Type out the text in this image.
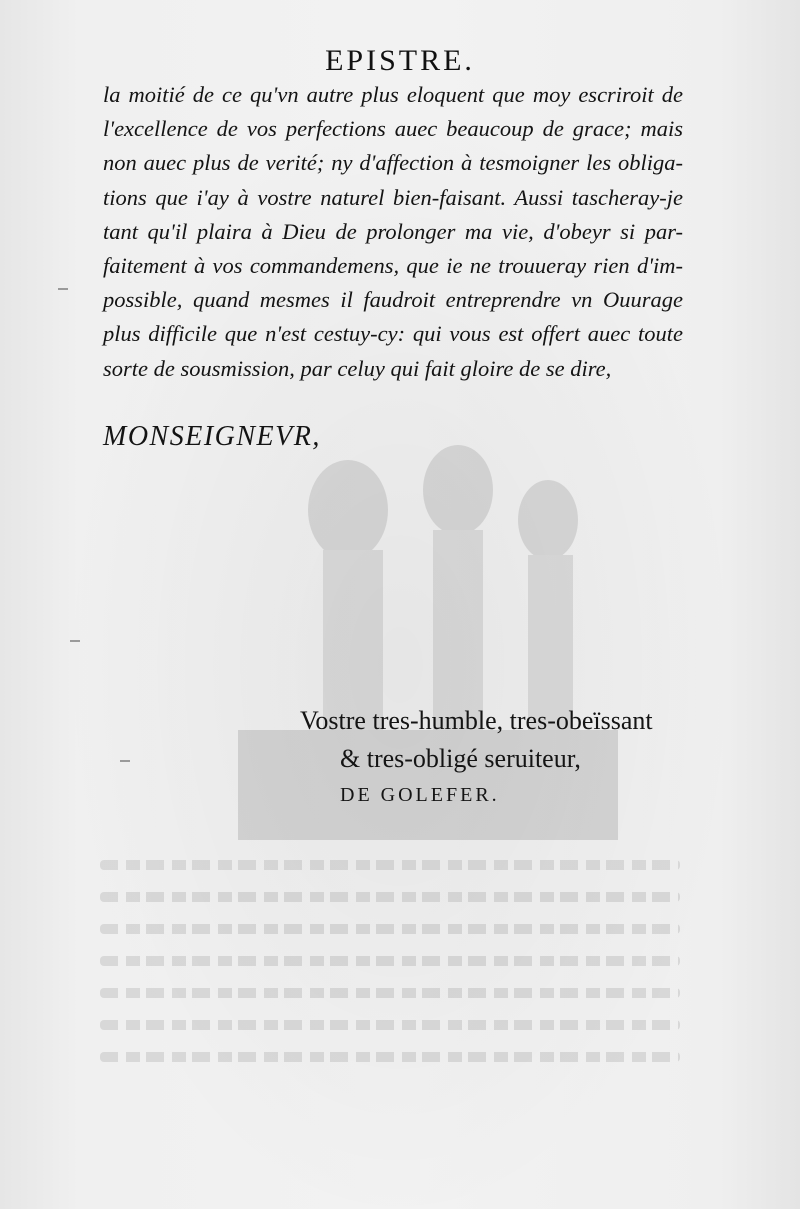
EPISTRE.
la moitié de ce qu'vn autre plus eloquent que moy escriroit de
l'excellence de vos perfections auec beaucoup de grace; mais
non auec plus de verité; ny d'affection à tesmoigner les obliga-
tions que i'ay à vostre naturel bien-faisant. Aussi tascheray-je
tant qu'il plaira à Dieu de prolonger ma vie, d'obeyr si par-
faitement à vos commandemens, que ie ne trouueray rien d'im-
possible, quand mesmes il faudroit entreprendre vn Ouurage
plus difficile que n'est cestuy-cy: qui vous est offert auec toute
sorte de sousmission, par celuy qui fait gloire de se dire,
MONSEIGNEVR,
Vostre tres-humble, tres-obeïssant
& tres-obligé seruiteur,
DE GOLEFER.
